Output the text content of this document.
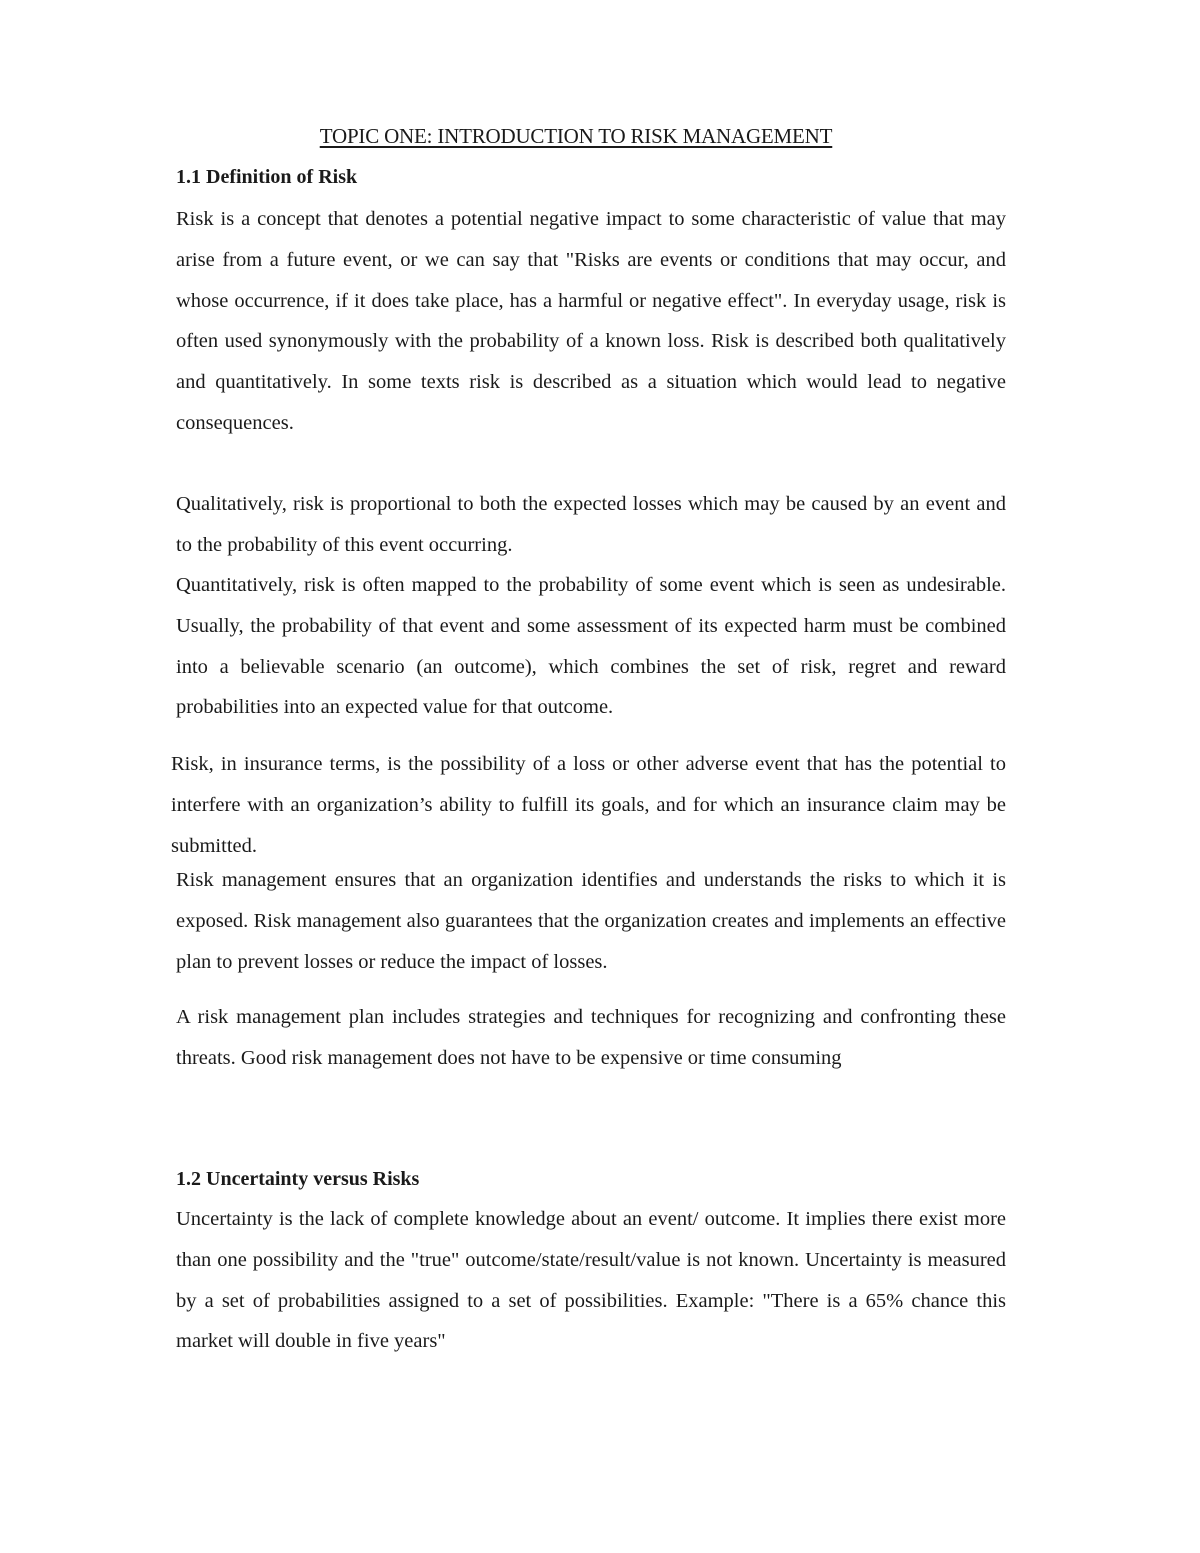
TOPIC ONE: INTRODUCTION TO RISK MANAGEMENT
1.1 Definition of Risk

Risk is a concept that denotes a potential negative impact to some characteristic of value that may arise from a future event, or we can say that "Risks are events or conditions that may occur, and whose occurrence, if it does take place, has a harmful or negative effect". In everyday usage, risk is often used synonymously with the probability of a known loss. Risk is described both qualitatively and quantitatively. In some texts risk is described as a situation which would lead to negative consequences.

Qualitatively, risk is proportional to both the expected losses which may be caused by an event and to the probability of this event occurring.

Quantitatively, risk is often mapped to the probability of some event which is seen as undesirable. Usually, the probability of that event and some assessment of its expected harm must be combined into a believable scenario (an outcome), which combines the set of risk, regret and reward probabilities into an expected value for that outcome.

Risk, in insurance terms, is the possibility of a loss or other adverse event that has the potential to interfere with an organization’s ability to fulfill its goals, and for which an insurance claim may be submitted.

Risk management ensures that an organization identifies and understands the risks to which it is exposed. Risk management also guarantees that the organization creates and implements an effective plan to prevent losses or reduce the impact of losses.

A risk management plan includes strategies and techniques for recognizing and confronting these threats. Good risk management does not have to be expensive or time consuming

1.2 Uncertainty versus Risks

Uncertainty is the lack of complete knowledge about an event/ outcome. It implies there exist more than one possibility and the "true" outcome/state/result/value is not known. Uncertainty is measured by a set of probabilities assigned to a set of possibilities. Example: "There is a 65% chance this market will double in five years"
